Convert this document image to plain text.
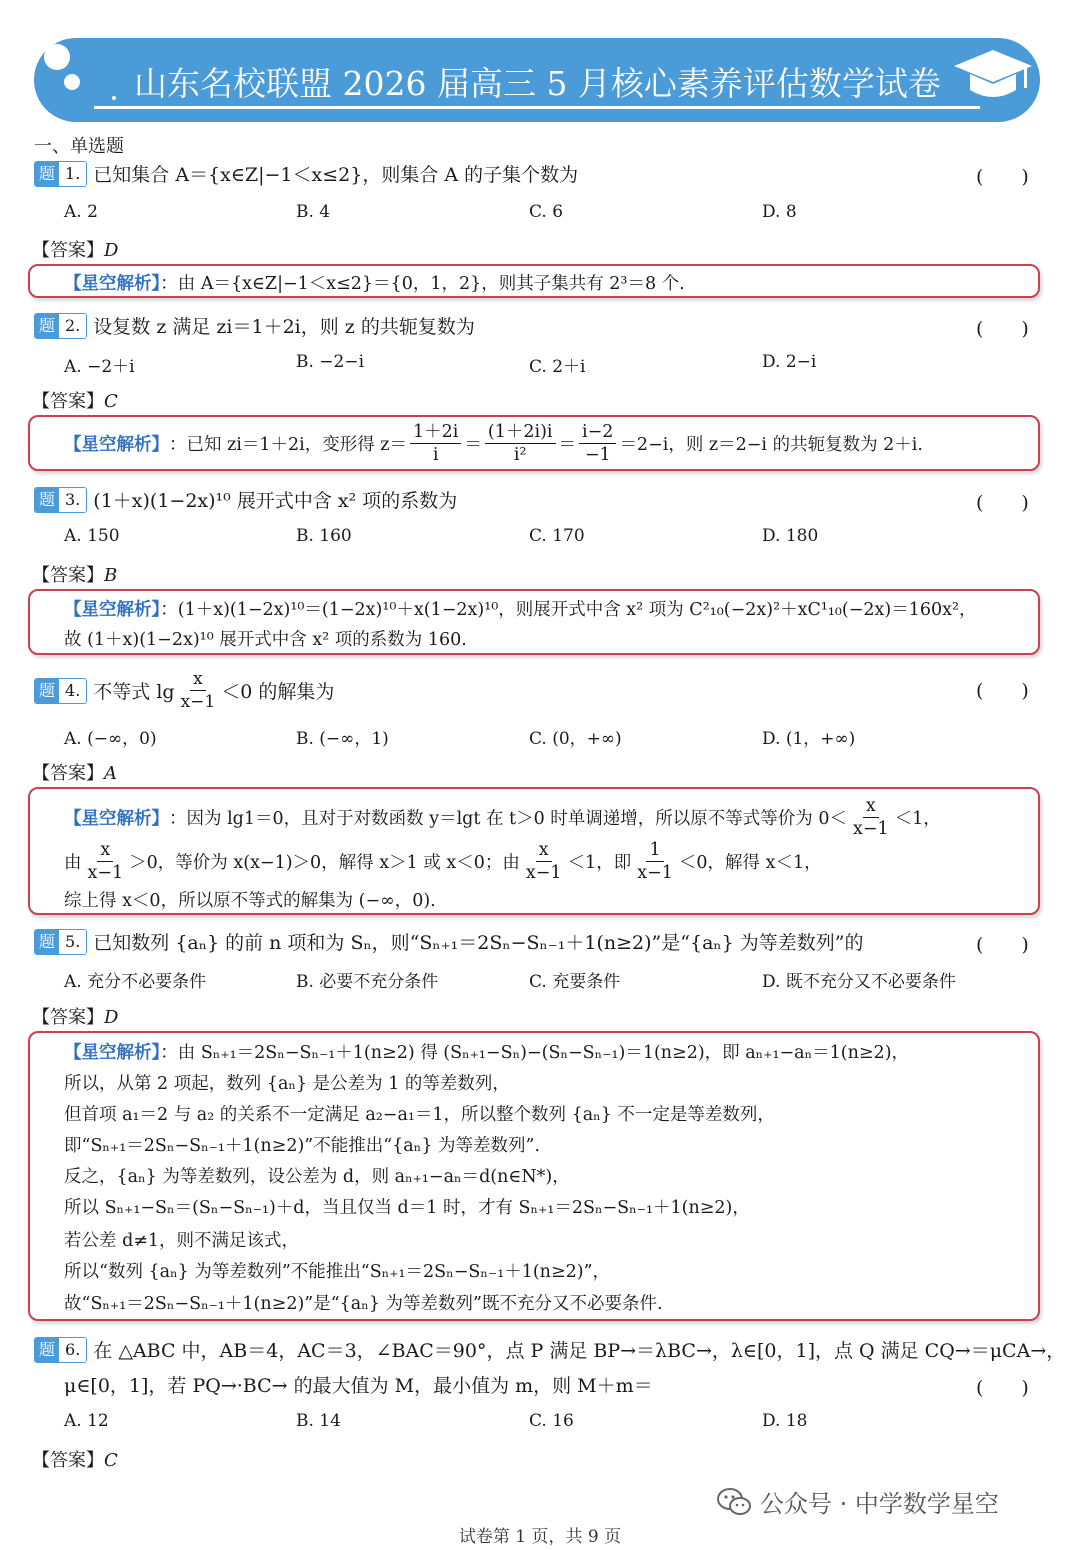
山东名校联盟 2026 届高三 5 月核心素养评估数学试卷
一、单选题
题 1. 已知集合 A＝{x∈Z|−1＜x≤2}，则集合 A 的子集个数为	(　　)
A. 2	B. 4	C. 6	D. 8
【答案】D
【星空解析】：由 A＝{x∈Z|−1＜x≤2}＝{0，1，2}，则其子集共有 2³＝8 个.
题 2. 设复数 z 满足 zi＝1＋2i，则 z 的共轭复数为	(　　)
A. −2＋i	B. −2−i	C. 2＋i	D. 2−i
【答案】C
【星空解析】 ：已知 zi＝1＋2i，变形得 $z= \frac{1+2i}{i} = \frac{(1+2i)i}{\text{i²}} = \frac{i-2}{-1} =2-i$，则 z＝2−i 的共轭复数为 2＋i.
题 3. (1＋x)(1−2x)¹⁰ 展开式中含 x² 项的系数为	(　　)
A. 150	B. 160	C. 170	D. 180
【答案】B
【星空解析】：(1＋x)(1−2x)¹⁰＝(1−2x)¹⁰＋x(1−2x)¹⁰，则展开式中含 x² 项为 C²₁₀(−2x)²＋xC¹₁₀(−2x)＝160x²，
故 (1＋x)(1−2x)¹⁰ 展开式中含 x² 项的系数为 160.
题 4. 不等式 $\lg \frac{x}{x-1} <0$ 的解集为	(　　)
A. (−∞，0)	B. (−∞，1)	C. (0，+∞)	D. (1，+∞)
【答案】A
【星空解析】 ：因为 lg1＝0，且对于对数函数 y＝lgt 在 t＞0 时单调递增，所以原不等式等价为 $0< \frac{x}{x-1} <1$，
由 $\frac{x}{x-1} >0$，等价为 x(x−1)＞0，解得 x＞1 或 x＜0；由 $\frac{x}{x-1} <1$，即 $\frac{1}{x-1} <0$，解得 x＜1，
综上得 x＜0，所以原不等式的解集为 (−∞，0).
题 5. 已知数列 {aₙ} 的前 n 项和为 Sₙ，则“Sₙ₊₁＝2Sₙ−Sₙ₋₁＋1(n≥2)”是“{aₙ} 为等差数列”的	(　　)
A. 充分不必要条件	B. 必要不充分条件	C. 充要条件	D. 既不充分又不必要条件
【答案】D
【星空解析】：由 Sₙ₊₁＝2Sₙ−Sₙ₋₁＋1(n≥2) 得 (Sₙ₊₁−Sₙ)−(Sₙ−Sₙ₋₁)＝1(n≥2)，即 aₙ₊₁−aₙ＝1(n≥2)，
所以，从第 2 项起，数列 {aₙ} 是公差为 1 的等差数列，
但首项 a₁＝2 与 a₂ 的关系不一定满足 a₂−a₁＝1，所以整个数列 {aₙ} 不一定是等差数列，
即“Sₙ₊₁＝2Sₙ−Sₙ₋₁＋1(n≥2)”不能推出“{aₙ} 为等差数列”.
反之，{aₙ} 为等差数列，设公差为 d，则 aₙ₊₁−aₙ＝d(n∈N*)，
所以 Sₙ₊₁−Sₙ＝(Sₙ−Sₙ₋₁)＋d，当且仅当 d＝1 时，才有 Sₙ₊₁＝2Sₙ−Sₙ₋₁＋1(n≥2)，
若公差 d≠1，则不满足该式，
所以“数列 {aₙ} 为等差数列”不能推出“Sₙ₊₁＝2Sₙ−Sₙ₋₁＋1(n≥2)”，
故“Sₙ₊₁＝2Sₙ−Sₙ₋₁＋1(n≥2)”是“{aₙ} 为等差数列”既不充分又不必要条件.
题 6. 在 △ABC 中，AB＝4，AC＝3，∠BAC＝90°，点 P 满足 BP→＝λBC→，λ∈[0，1]，点 Q 满足 CQ→＝μCA→，
μ∈[0，1]，若 PQ→·BC→ 的最大值为 M，最小值为 m，则 M＋m＝	(　　)
A. 12	B. 14	C. 16	D. 18
【答案】C
公众号 · 中学数学星空
试卷第 1 页，共 9 页
